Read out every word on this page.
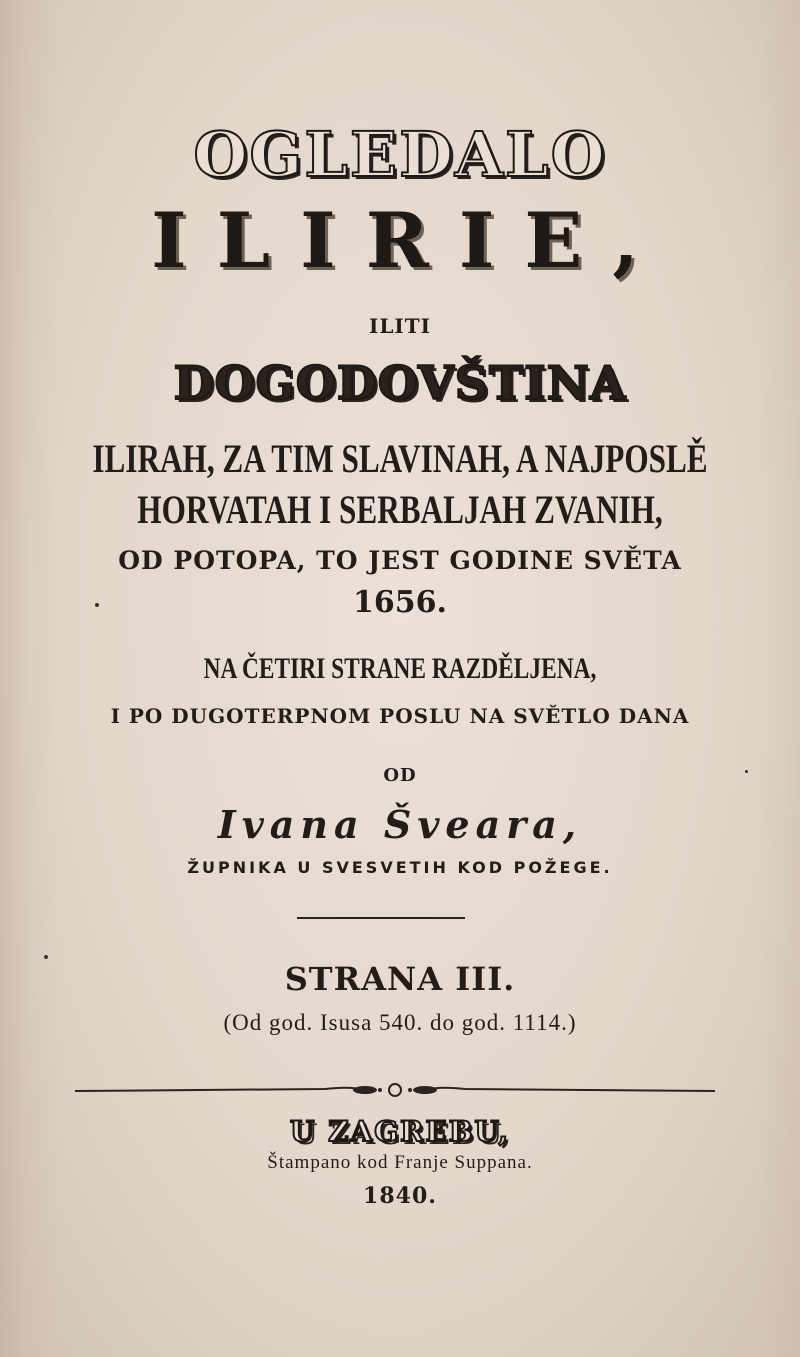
OGLEDALO
ILIRIE,
ILITI
DOGODOVŠTINA
ILIRAH, ZA TIM SLAVINAH, A NAJPOSLĚ
HORVATAH I SERBALJAH ZVANIH,
OD POTOPA, TO JEST GODINE SVĚTA
1656.
NA ČETIRI STRANE RAZDĚLJENA,
I PO DUGOTERPNOM POSLU NA SVĚTLO DANA
OD
Ivana Šveara,
ŽUPNIKA U SVESVETIH KOD POŽEGE.
STRANA III.
(Od god. Isusa 540. do god. 1114.)
U ZAGREBU,
Štampano kod Franje Suppana.
1840.
